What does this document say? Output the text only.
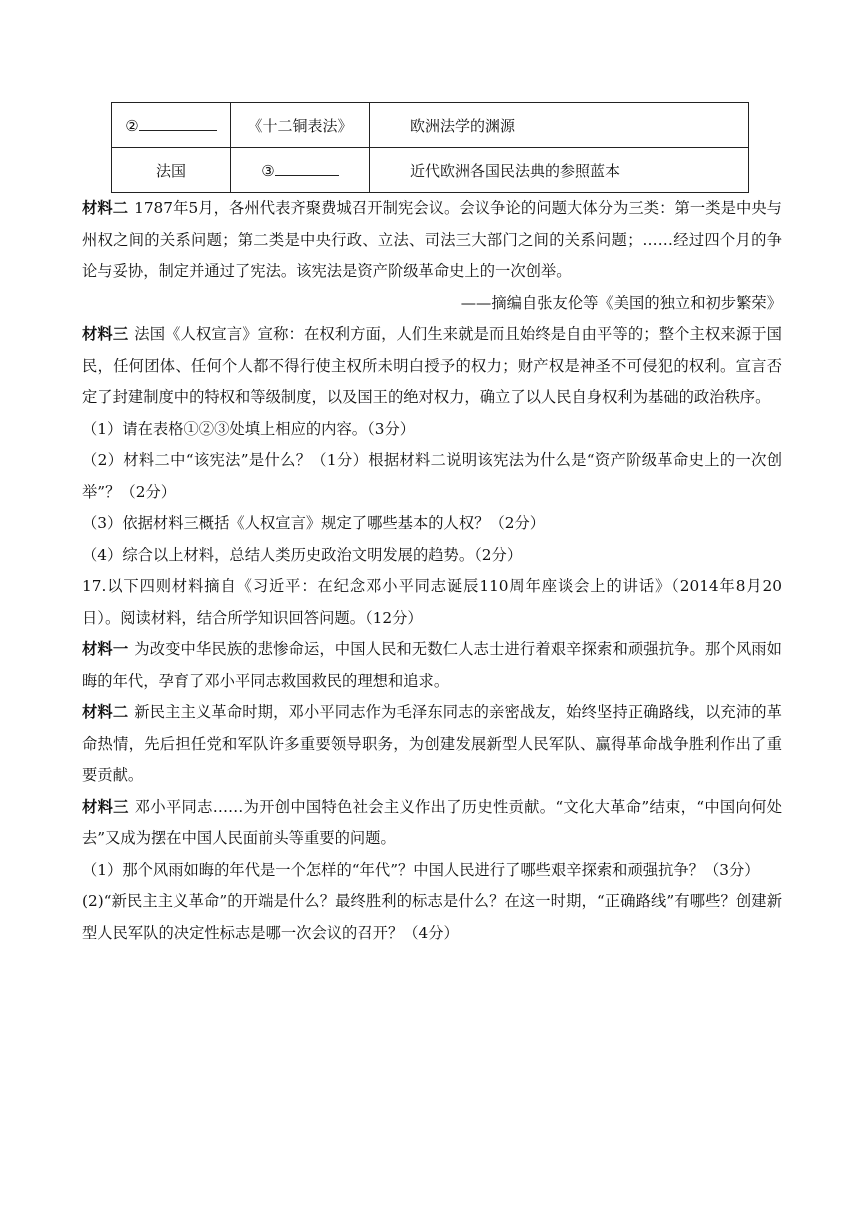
②	《十二铜表法》	欧洲法学的渊源
法国	③	近代欧洲各国民法典的参照蓝本

材料二 1787年5月，各州代表齐聚费城召开制宪会议。会议争论的问题大体分为三类：第一类是中央与州权之间的关系问题；第二类是中央行政、立法、司法三大部门之间的关系问题；……经过四个月的争论与妥协，制定并通过了宪法。该宪法是资产阶级革命史上的一次创举。

——摘编自张友伦等《美国的独立和初步繁荣》

材料三 法国《人权宣言》宣称：在权利方面，人们生来就是而且始终是自由平等的；整个主权来源于国民，任何团体、任何个人都不得行使主权所未明白授予的权力；财产权是神圣不可侵犯的权利。宣言否定了封建制度中的特权和等级制度，以及国王的绝对权力，确立了以人民自身权利为基础的政治秩序。

（1）请在表格①②③处填上相应的内容。（3分）

（2）材料二中“该宪法”是什么？（1分）根据材料二说明该宪法为什么是“资产阶级革命史上的一次创举”？（2分）

（3）依据材料三概括《人权宣言》规定了哪些基本的人权？（2分）

（4）综合以上材料，总结人类历史政治文明发展的趋势。（2分）

17.以下四则材料摘自《习近平：在纪念邓小平同志诞辰110周年座谈会上的讲话》（2014年8月20日）。阅读材料，结合所学知识回答问题。（12分）

材料一 为改变中华民族的悲惨命运，中国人民和无数仁人志士进行着艰辛探索和顽强抗争。那个风雨如晦的年代，孕育了邓小平同志救国救民的理想和追求。

材料二 新民主主义革命时期，邓小平同志作为毛泽东同志的亲密战友，始终坚持正确路线，以充沛的革命热情，先后担任党和军队许多重要领导职务，为创建发展新型人民军队、赢得革命战争胜利作出了重要贡献。

材料三 邓小平同志……为开创中国特色社会主义作出了历史性贡献。“文化大革命”结束，“中国向何处去”又成为摆在中国人民面前头等重要的问题。

（1）那个风雨如晦的年代是一个怎样的“年代”？中国人民进行了哪些艰辛探索和顽强抗争？（3分）

(2)“新民主主义革命”的开端是什么？最终胜利的标志是什么？在这一时期，“正确路线”有哪些？创建新型人民军队的决定性标志是哪一次会议的召开？（4分）
